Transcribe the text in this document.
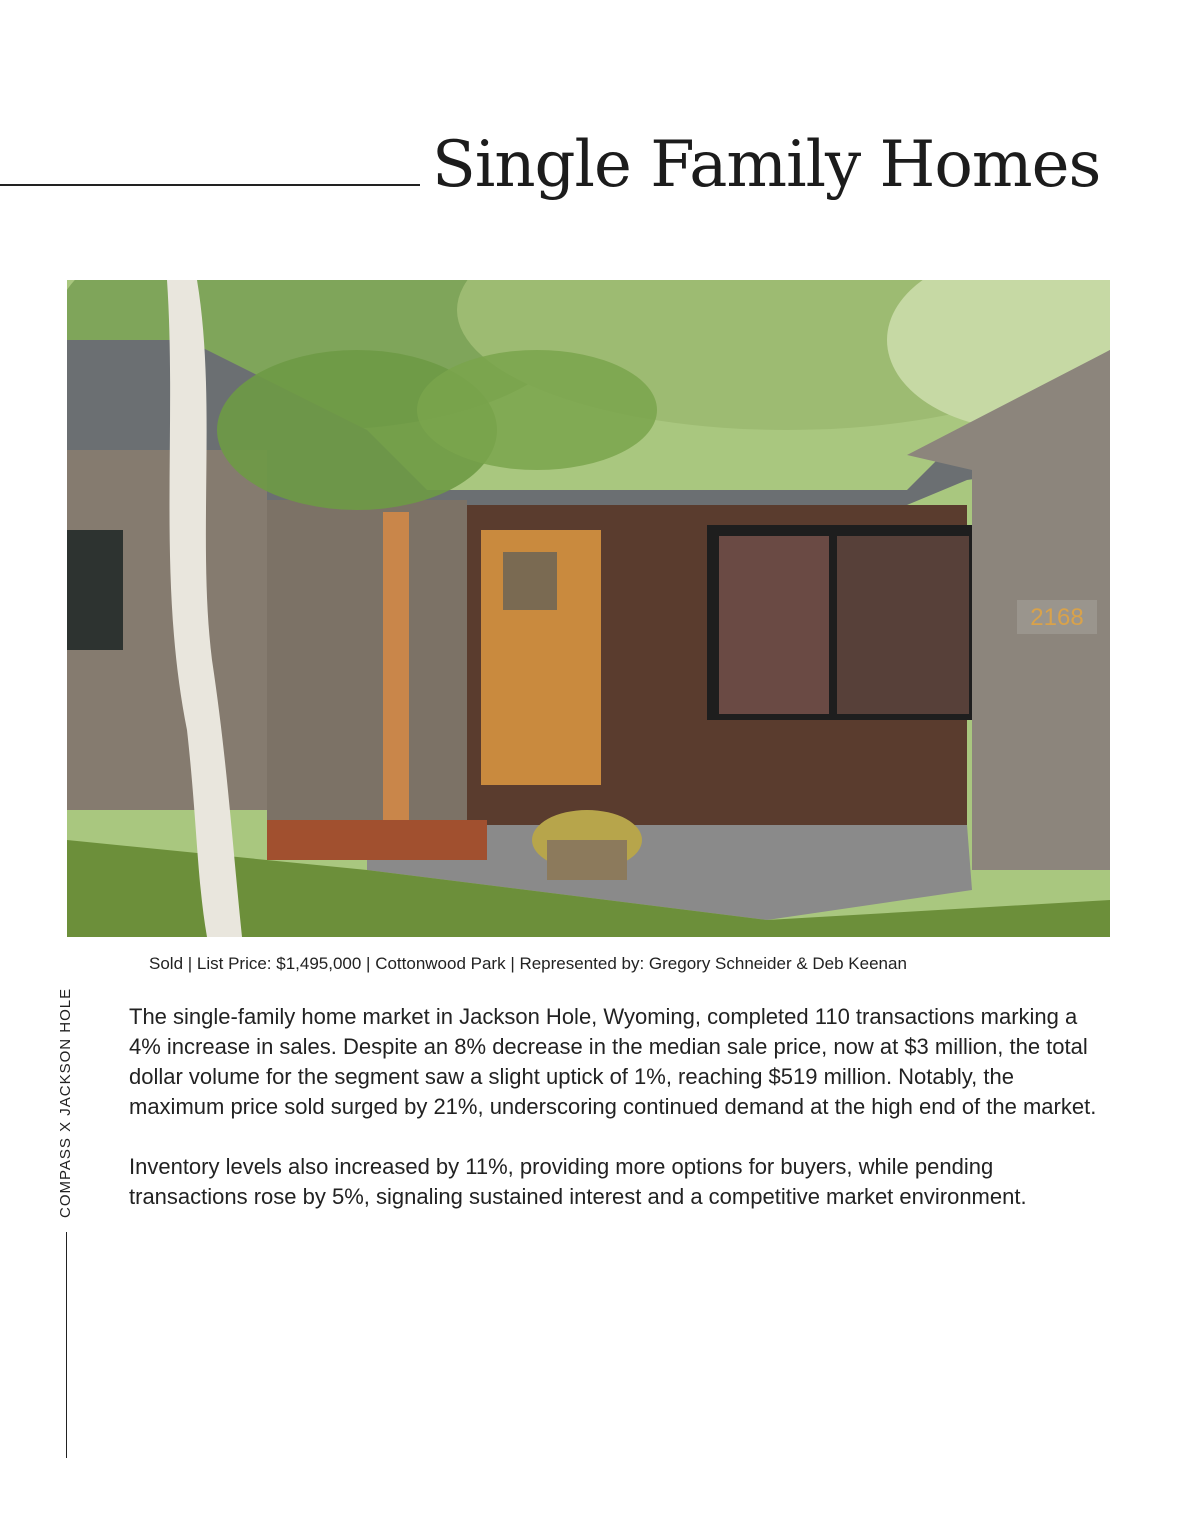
Single Family Homes
2168
Sold | List Price: $1,495,000 | Cottonwood Park | Represented by: Gregory Schneider & Deb Keenan
COMPASS X JACKSON HOLE	The single-family home market in Jackson Hole, Wyoming, completed 110 transactions marking a 4% increase in sales. Despite an 8% decrease in the median sale price, now at $3 million, the total dollar volume for the segment saw a slight uptick of 1%, reaching $519 million. Notably, the maximum price sold surged by 21%, underscoring continued demand at the high end of the market.

Inventory levels also increased by 11%, providing more options for buyers, while pending transactions rose by 5%, signaling sustained interest and a competitive market environment.
